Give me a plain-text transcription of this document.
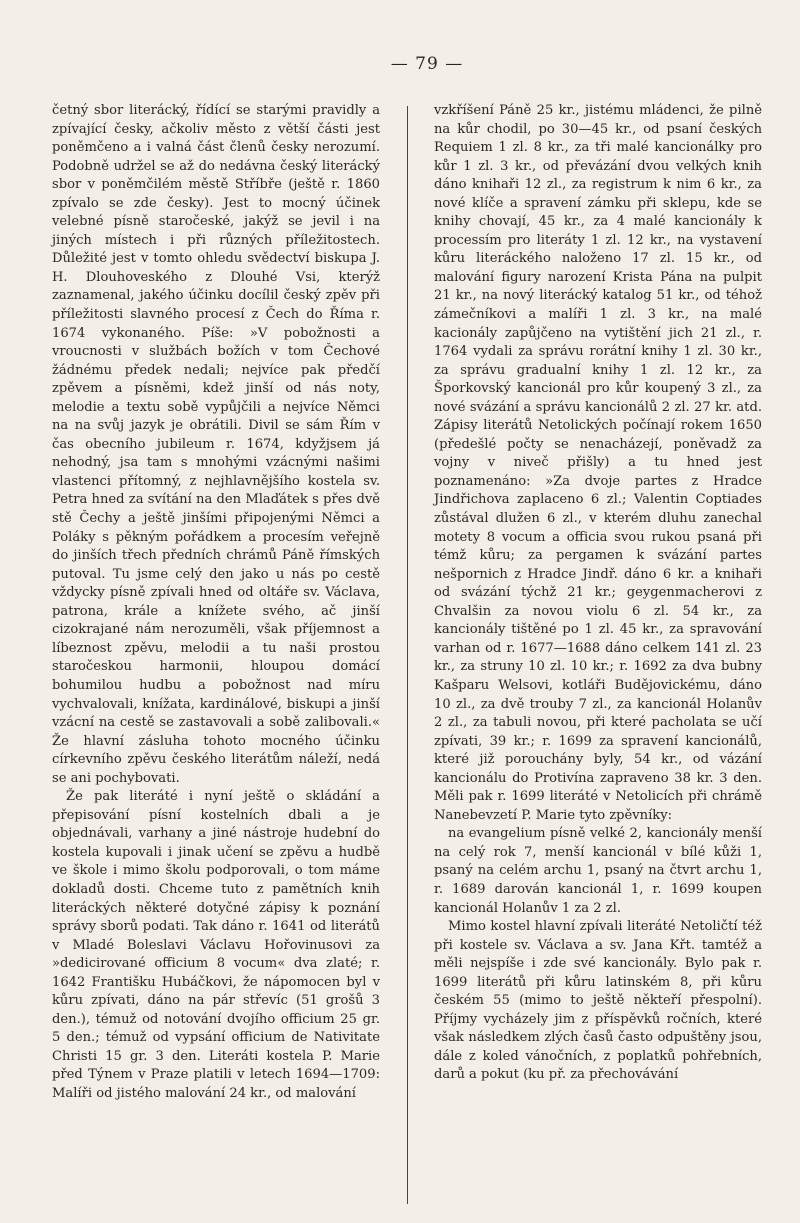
— 79 —

četný sbor literácký, řídící se starými pravidly a zpívající česky, ačkoliv město z větší části jest poněmčeno a i valná část členů česky nerozumí. Podobně udržel se až do nedávna český literácký sbor v poněmčilém městě Stříbře (ještě r. 1860 zpívalo se zde česky). Jest to mocný účinek velebné písně staročeské, jakýž se jevil i na jiných místech i při různých příležitostech. Důležité jest v tomto ohledu svědectví biskupa J. H. Dlouhoveského z Dlouhé Vsi, kterýž zaznamenal, jakého účinku docílil český zpěv při příležitosti slavného procesí z Čech do Říma r. 1674 vykonaného. Píše: »V pobožnosti a vroucnosti v službách božích v tom Čechové žádnému předek nedali; nejvíce pak předčí zpěvem a písněmi, kdež jinší od nás noty, melodie a textu sobě vypůjčili a nejvíce Němci na na svůj jazyk je obrátili. Divil se sám Řím v čas obecního jubileum r. 1674, kdyžjsem já nehodný, jsa tam s mnohými vzácnými našimi vlastenci přítomný, z nejhlavnějšího kostela sv. Petra hned za svítání na den Mlaďátek s přes dvě stě Čechy a ještě jinšími připojenými Němci a Poláky s pěkným pořádkem a procesím veřejně do jinších třech předních chrámů Páně římských putoval. Tu jsme celý den jako u nás po cestě vždycky písně zpívali hned od oltáře sv. Václava, patrona, krále a knížete svého, ač jinší cizokrajané nám nerozuměli, však příjemnost a líbeznost zpěvu, melodii a tu naši prostou staročeskou harmonii, hloupou domácí bohumilou hudbu a pobožnost nad míru vychvalovali, knížata, kardinálové, biskupi a jinší vzácní na cestě se zastavovali a sobě zalibovali.« Že hlavní zásluha tohoto mocného účinku církevního zpěvu českého literátům náleží, nedá se ani pochybovati.

Že pak literáté i nyní ještě o skládání a přepisování písní kostelních dbali a je objednávali, varhany a jiné nástroje hudební do kostela kupovali i jinak učení se zpěvu a hudbě ve škole i mimo školu podporovali, o tom máme dokladů dosti. Chceme tuto z pamětních knih literáckých některé dotyčné zápisy k poznání správy sborů podati. Tak dáno r. 1641 od literátů v Mladé Boleslavi Václavu Hořovinusovi za »dedicirované officium 8 vocum« dva zlaté; r. 1642 Františku Hubáčkovi, že nápomocen byl v kůru zpívati, dáno na pár střevíc (51 grošů 3 den.), témuž od notování dvojího officium 25 gr. 5 den.; témuž od vypsání officium de Nativitate Christi 15 gr. 3 den. Literáti kostela P. Marie před Týnem v Praze platili v letech 1694—1709: Malíři od jistého malování 24 kr., od malování

vzkříšení Páně 25 kr., jistému mládenci, že pilně na kůr chodil, po 30—45 kr., od psaní českých Requiem 1 zl. 8 kr., za tři malé kancionálky pro kůr 1 zl. 3 kr., od převázání dvou velkých knih dáno knihaři 12 zl., za registrum k nim 6 kr., za nové klíče a spravení zámku při sklepu, kde se knihy chovají, 45 kr., za 4 malé kancionály k processím pro literáty 1 zl. 12 kr., na vystavení kůru literáckého naloženo 17 zl. 15 kr., od malování figury narození Krista Pána na pulpit 21 kr., na nový literácký katalog 51 kr., od téhož zámečníkovi a malíři 1 zl. 3 kr., na malé kacionály zapůjčeno na vytištění jich 21 zl., r. 1764 vydali za správu rorátní knihy 1 zl. 30 kr., za správu gradualní knihy 1 zl. 12 kr., za Šporkovský kancionál pro kůr koupený 3 zl., za nové svázání a správu kancionálů 2 zl. 27 kr. atd. Zápisy literátů Netolických počínají rokem 1650 (předešlé počty se nenacházejí, poněvadž za vojny v niveč přišly) a tu hned jest poznamenáno: »Za dvoje partes z Hradce Jindřichova zaplaceno 6 zl.; Valentin Coptiades zůstával dlužen 6 zl., v kterém dluhu zanechal motety 8 vocum a officia svou rukou psaná při témž kůru; za pergamen k svázání partes nešpornich z Hradce Jindř. dáno 6 kr. a knihaři od svázání týchž 21 kr.; geygenmacherovi z Chvalšin za novou violu 6 zl. 54 kr., za kancionály tištěné po 1 zl. 45 kr., za spravování varhan od r. 1677—1688 dáno celkem 141 zl. 23 kr., za struny 10 zl. 10 kr.; r. 1692 za dva bubny Kašparu Welsovi, kotláři Budějovickému, dáno 10 zl., za dvě trouby 7 zl., za kancionál Holanův 2 zl., za tabuli novou, při které pacholata se učí zpívati, 39 kr.; r. 1699 za spravení kancionálů, které již porouchány byly, 54 kr., od vázání kancionálu do Protivína zapraveno 38 kr. 3 den. Měli pak r. 1699 literáté v Netolicích při chrámě Nanebevzetí P. Marie tyto zpěvníky:

na evangelium písně velké 2, kancionály menší na celý rok 7, menší kancionál v bílé kůži 1, psaný na celém archu 1, psaný na čtvrt archu 1, r. 1689 darován kancionál 1, r. 1699 koupen kancionál Holanův 1 za 2 zl.

Mimo kostel hlavní zpívali literáté Netoličtí též při kostele sv. Václava a sv. Jana Křt. tamtéž a měli nejspíše i zde své kancionály. Bylo pak r. 1699 literátů při kůru latinském 8, při kůru českém 55 (mimo to ještě někteří přespolní). Příjmy vycházely jim z příspěvků ročních, které však následkem zlých časů často odpuštěny jsou, dále z koled vánočních, z poplatků pohřebních, darů a pokut (ku př. za přechovávání
